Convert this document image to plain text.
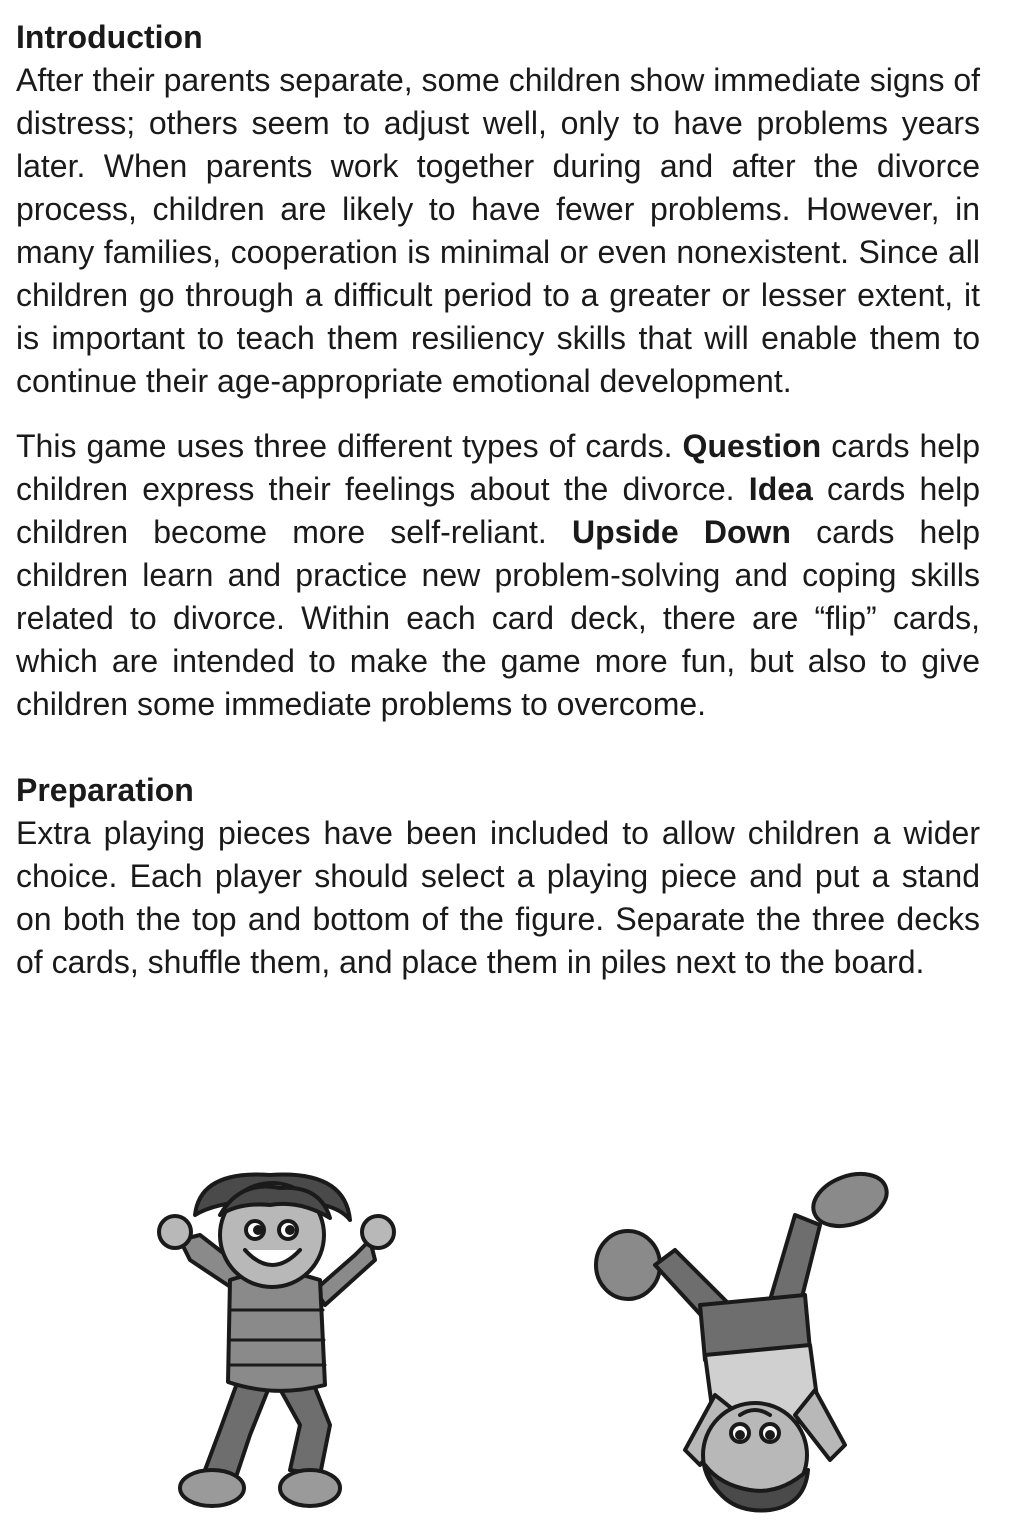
Introduction

After their parents separate, some children show immediate signs of distress; others seem to adjust well, only to have problems years later. When parents work together during and after the divorce process, children are likely to have fewer problems. However, in many families, cooperation is minimal or even nonexistent. Since all children go through a difficult period to a greater or lesser extent, it is important to teach them resiliency skills that will enable them to continue their age-appropriate emotional development.

This game uses three different types of cards. Question cards help children express their feelings about the divorce. Idea cards help children become more self-reliant. Upside Down cards help children learn and practice new problem-solving and coping skills related to divorce. Within each card deck, there are “flip” cards, which are intended to make the game more fun, but also to give children some immediate problems to overcome.

Preparation

Extra playing pieces have been included to allow children a wider choice. Each player should select a playing piece and put a stand on both the top and bottom of the figure. Separate the three decks of cards, shuffle them, and place them in piles next to the board.
